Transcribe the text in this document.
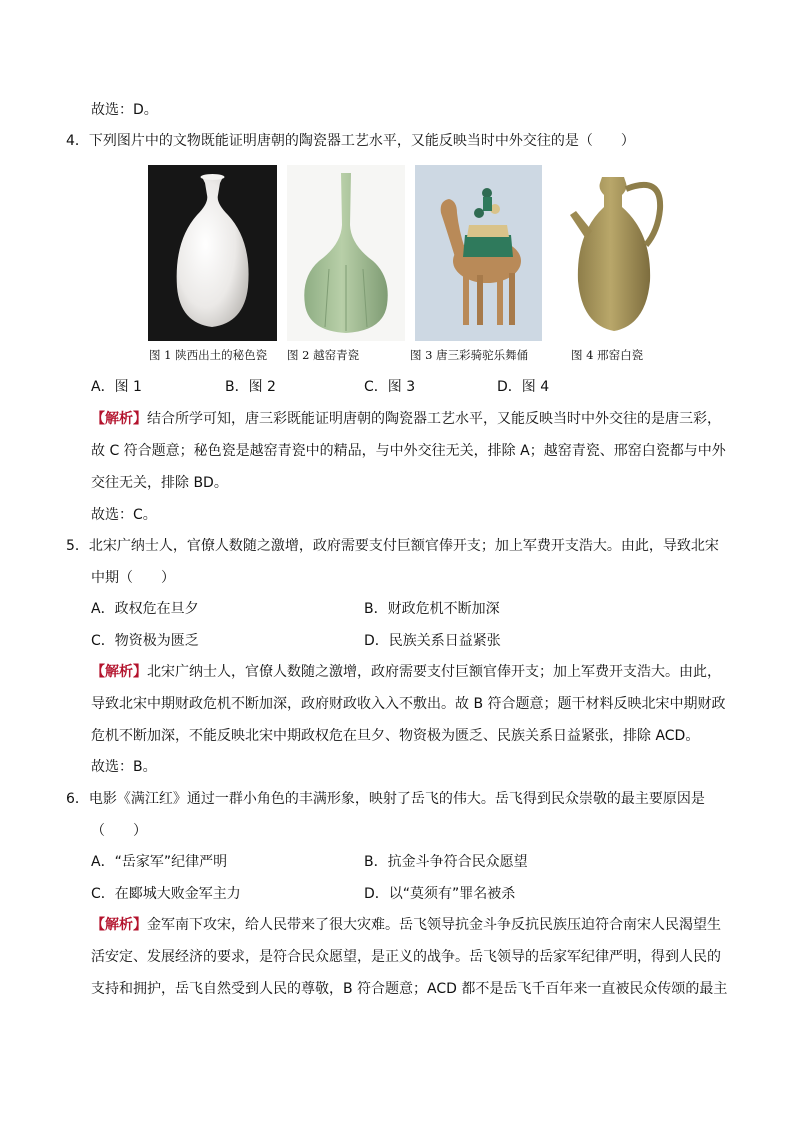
故选：D。
4．下列图片中的文物既能证明唐朝的陶瓷器工艺水平，又能反映当时中外交往的是（　　）
图 1 陕西出土的秘色瓷 图 2 越窑青瓷	图 3 唐三彩骑驼乐舞俑	图 4 邢窑白瓷
A．图 1	B．图 2	C．图 3	D．图 4
【解析】结合所学可知，唐三彩既能证明唐朝的陶瓷器工艺水平，又能反映当时中外交往的是唐三彩，
故 C 符合题意；秘色瓷是越窑青瓷中的精品，与中外交往无关，排除 A；越窑青瓷、邢窑白瓷都与中外
交往无关，排除 BD。
故选：C。
5．北宋广纳士人，官僚人数随之激增，政府需要支付巨额官俸开支；加上军费开支浩大。由此，导致北宋
中期（　　）
A．政权危在旦夕	B．财政危机不断加深
C．物资极为匮乏	D．民族关系日益紧张
【解析】北宋广纳士人，官僚人数随之激增，政府需要支付巨额官俸开支；加上军费开支浩大。由此，
导致北宋中期财政危机不断加深，政府财政收入入不敷出。故 B 符合题意；题干材料反映北宋中期财政
危机不断加深，不能反映北宋中期政权危在旦夕、物资极为匮乏、民族关系日益紧张，排除 ACD。
故选：B。
6．电影《满江红》通过一群小角色的丰满形象，映射了岳飞的伟大。岳飞得到民众崇敬的最主要原因是
（　　）
A．“岳家军”纪律严明	B．抗金斗争符合民众愿望
C．在郾城大败金军主力	D．以“莫须有”罪名被杀
【解析】金军南下攻宋，给人民带来了很大灾难。岳飞领导抗金斗争反抗民族压迫符合南宋人民渴望生
活安定、发展经济的要求，是符合民众愿望，是正义的战争。岳飞领导的岳家军纪律严明，得到人民的
支持和拥护，岳飞自然受到人民的尊敬，B 符合题意；ACD 都不是岳飞千百年来一直被民众传颂的最主
